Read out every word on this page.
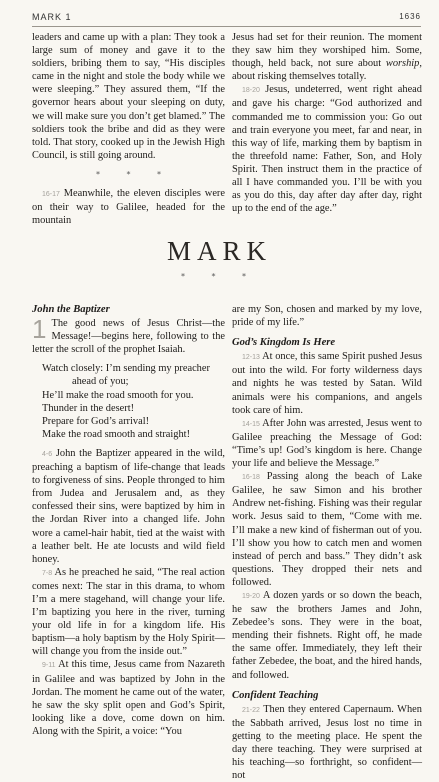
MARK 1	1636

leaders and came up with a plan: They took a large sum of money and gave it to the soldiers, bribing them to say, “His disciples came in the night and stole the body while we were sleeping.” They assured them, “If the governor hears about your sleeping on duty, we will make sure you don’t get blamed.” The soldiers took the bribe and did as they were told. That story, cooked up in the Jewish High Council, is still going around.

* * *

16-17 Meanwhile, the eleven disciples were on their way to Galilee, headed for the mountain

Jesus had set for their reunion. The moment they saw him they worshiped him. Some, though, held back, not sure about worship, about risking themselves totally.

18-20 Jesus, undeterred, went right ahead and gave his charge: “God authorized and commanded me to commission you: Go out and train everyone you meet, far and near, in this way of life, marking them by baptism in the threefold name: Father, Son, and Holy Spirit. Then instruct them in the practice of all I have commanded you. I’ll be with you as you do this, day after day after day, right up to the end of the age.”

MARK
* * *
John the Baptizer

1 The good news of Jesus Christ—the Message!—begins here, following to the letter the scroll of the prophet Isaiah.

Watch closely: I’m sending my preacher
ahead of you;
He’ll make the road smooth for you.
Thunder in the desert!
Prepare for God’s arrival!
Make the road smooth and straight!

4-6 John the Baptizer appeared in the wild, preaching a baptism of life-change that leads to forgiveness of sins. People thronged to him from Judea and Jerusalem and, as they confessed their sins, were baptized by him in the Jordan River into a changed life. John wore a camel-hair habit, tied at the waist with a leather belt. He ate locusts and wild field honey.

7-8 As he preached he said, “The real action comes next: The star in this drama, to whom I’m a mere stagehand, will change your life. I’m baptizing you here in the river, turning your old life in for a kingdom life. His baptism—a holy baptism by the Holy Spirit—will change you from the inside out.”

9-11 At this time, Jesus came from Nazareth in Galilee and was baptized by John in the Jordan. The moment he came out of the water, he saw the sky split open and God’s Spirit, looking like a dove, come down on him. Along with the Spirit, a voice: “You

are my Son, chosen and marked by my love, pride of my life.”

God’s Kingdom Is Here

12-13 At once, this same Spirit pushed Jesus out into the wild. For forty wilderness days and nights he was tested by Satan. Wild animals were his companions, and angels took care of him.

14-15 After John was arrested, Jesus went to Galilee preaching the Message of God: “Time’s up! God’s kingdom is here. Change your life and believe the Message.”

16-18 Passing along the beach of Lake Galilee, he saw Simon and his brother Andrew net-fishing. Fishing was their regular work. Jesus said to them, “Come with me. I’ll make a new kind of fisherman out of you. I’ll show you how to catch men and women instead of perch and bass.” They didn’t ask questions. They dropped their nets and followed.

19-20 A dozen yards or so down the beach, he saw the brothers James and John, Zebedee’s sons. They were in the boat, mending their fishnets. Right off, he made the same offer. Immediately, they left their father Zebedee, the boat, and the hired hands, and followed.

Confident Teaching

21-22 Then they entered Capernaum. When the Sabbath arrived, Jesus lost no time in getting to the meeting place. He spent the day there teaching. They were surprised at his teaching—so forthright, so confident—not
